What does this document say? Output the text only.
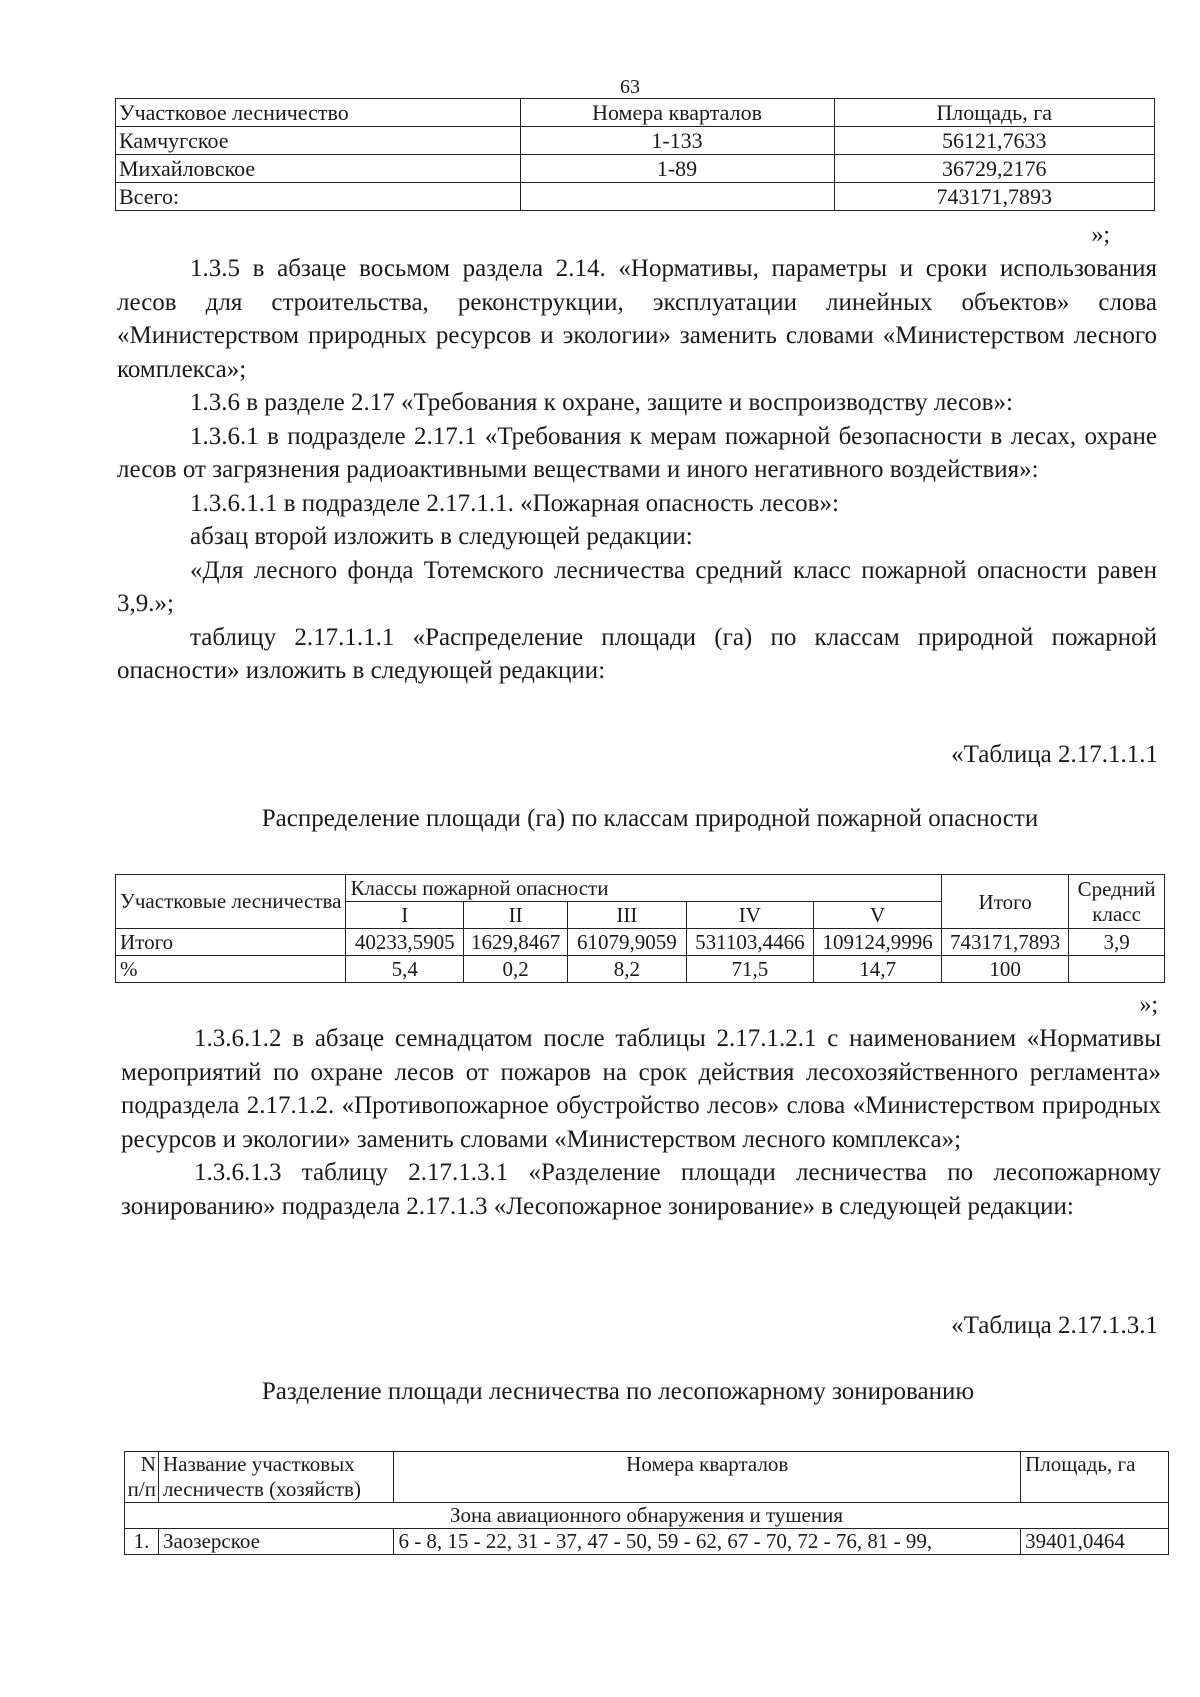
63
Участковое лесничество	Номера кварталов	Площадь, га
Камчугское	1-133	56121,7633
Михайловское	1-89	36729,2176
Всего:		743171,7893
»;

1.3.5 в абзаце восьмом раздела 2.14. «Нормативы, параметры и сроки использования лесов для строительства, реконструкции, эксплуатации линейных объектов» слова «Министерством природных ресурсов и экологии» заменить словами «Министерством лесного комплекса»;

1.3.6 в разделе 2.17 «Требования к охране, защите и воспроизводству лесов»:

1.3.6.1 в подразделе 2.17.1 «Требования к мерам пожарной безопасности в лесах, охране лесов от загрязнения радиоактивными веществами и иного негативного воздействия»:

1.3.6.1.1 в подразделе 2.17.1.1. «Пожарная опасность лесов»:

абзац второй изложить в следующей редакции:

«Для лесного фонда Тотемского лесничества средний класс пожарной опасности равен 3,9.»;

таблицу 2.17.1.1.1 «Распределение площади (га) по классам природной пожарной опасности» изложить в следующей редакции:

«Таблица 2.17.1.1.1
Распределение площади (га) по классам природной пожарной опасности
Участковые лесничества	Классы пожарной опасности					Итого	Средний класс
	I	II	III	IV	V		
Итого	40233,5905	1629,8467	61079,9059	531103,4466	109124,9996	743171,7893	3,9
%	5,4	0,2	8,2	71,5	14,7	100	
»;

1.3.6.1.2 в абзаце семнадцатом после таблицы 2.17.1.2.1 с наименованием «Нормативы мероприятий по охране лесов от пожаров на срок действия лесохозяйственного регламента» подраздела 2.17.1.2. «Противопожарное обустройство лесов» слова «Министерством природных ресурсов и экологии» заменить словами «Министерством лесного комплекса»;

1.3.6.1.3 таблицу 2.17.1.3.1 «Разделение площади лесничества по лесопожарному зонированию» подраздела 2.17.1.3 «Лесопожарное зонирование» в следующей редакции:

«Таблица 2.17.1.3.1
Разделение площади лесничества по лесопожарному зонированию
N п/п	Название участковых лесничеств (хозяйств)	Номера кварталов	Площадь, га
Зона авиационного обнаружения и тушения			
1.	Заозерское	6 - 8, 15 - 22, 31 - 37, 47 - 50, 59 - 62, 67 - 70, 72 - 76, 81 - 99,	39401,0464
